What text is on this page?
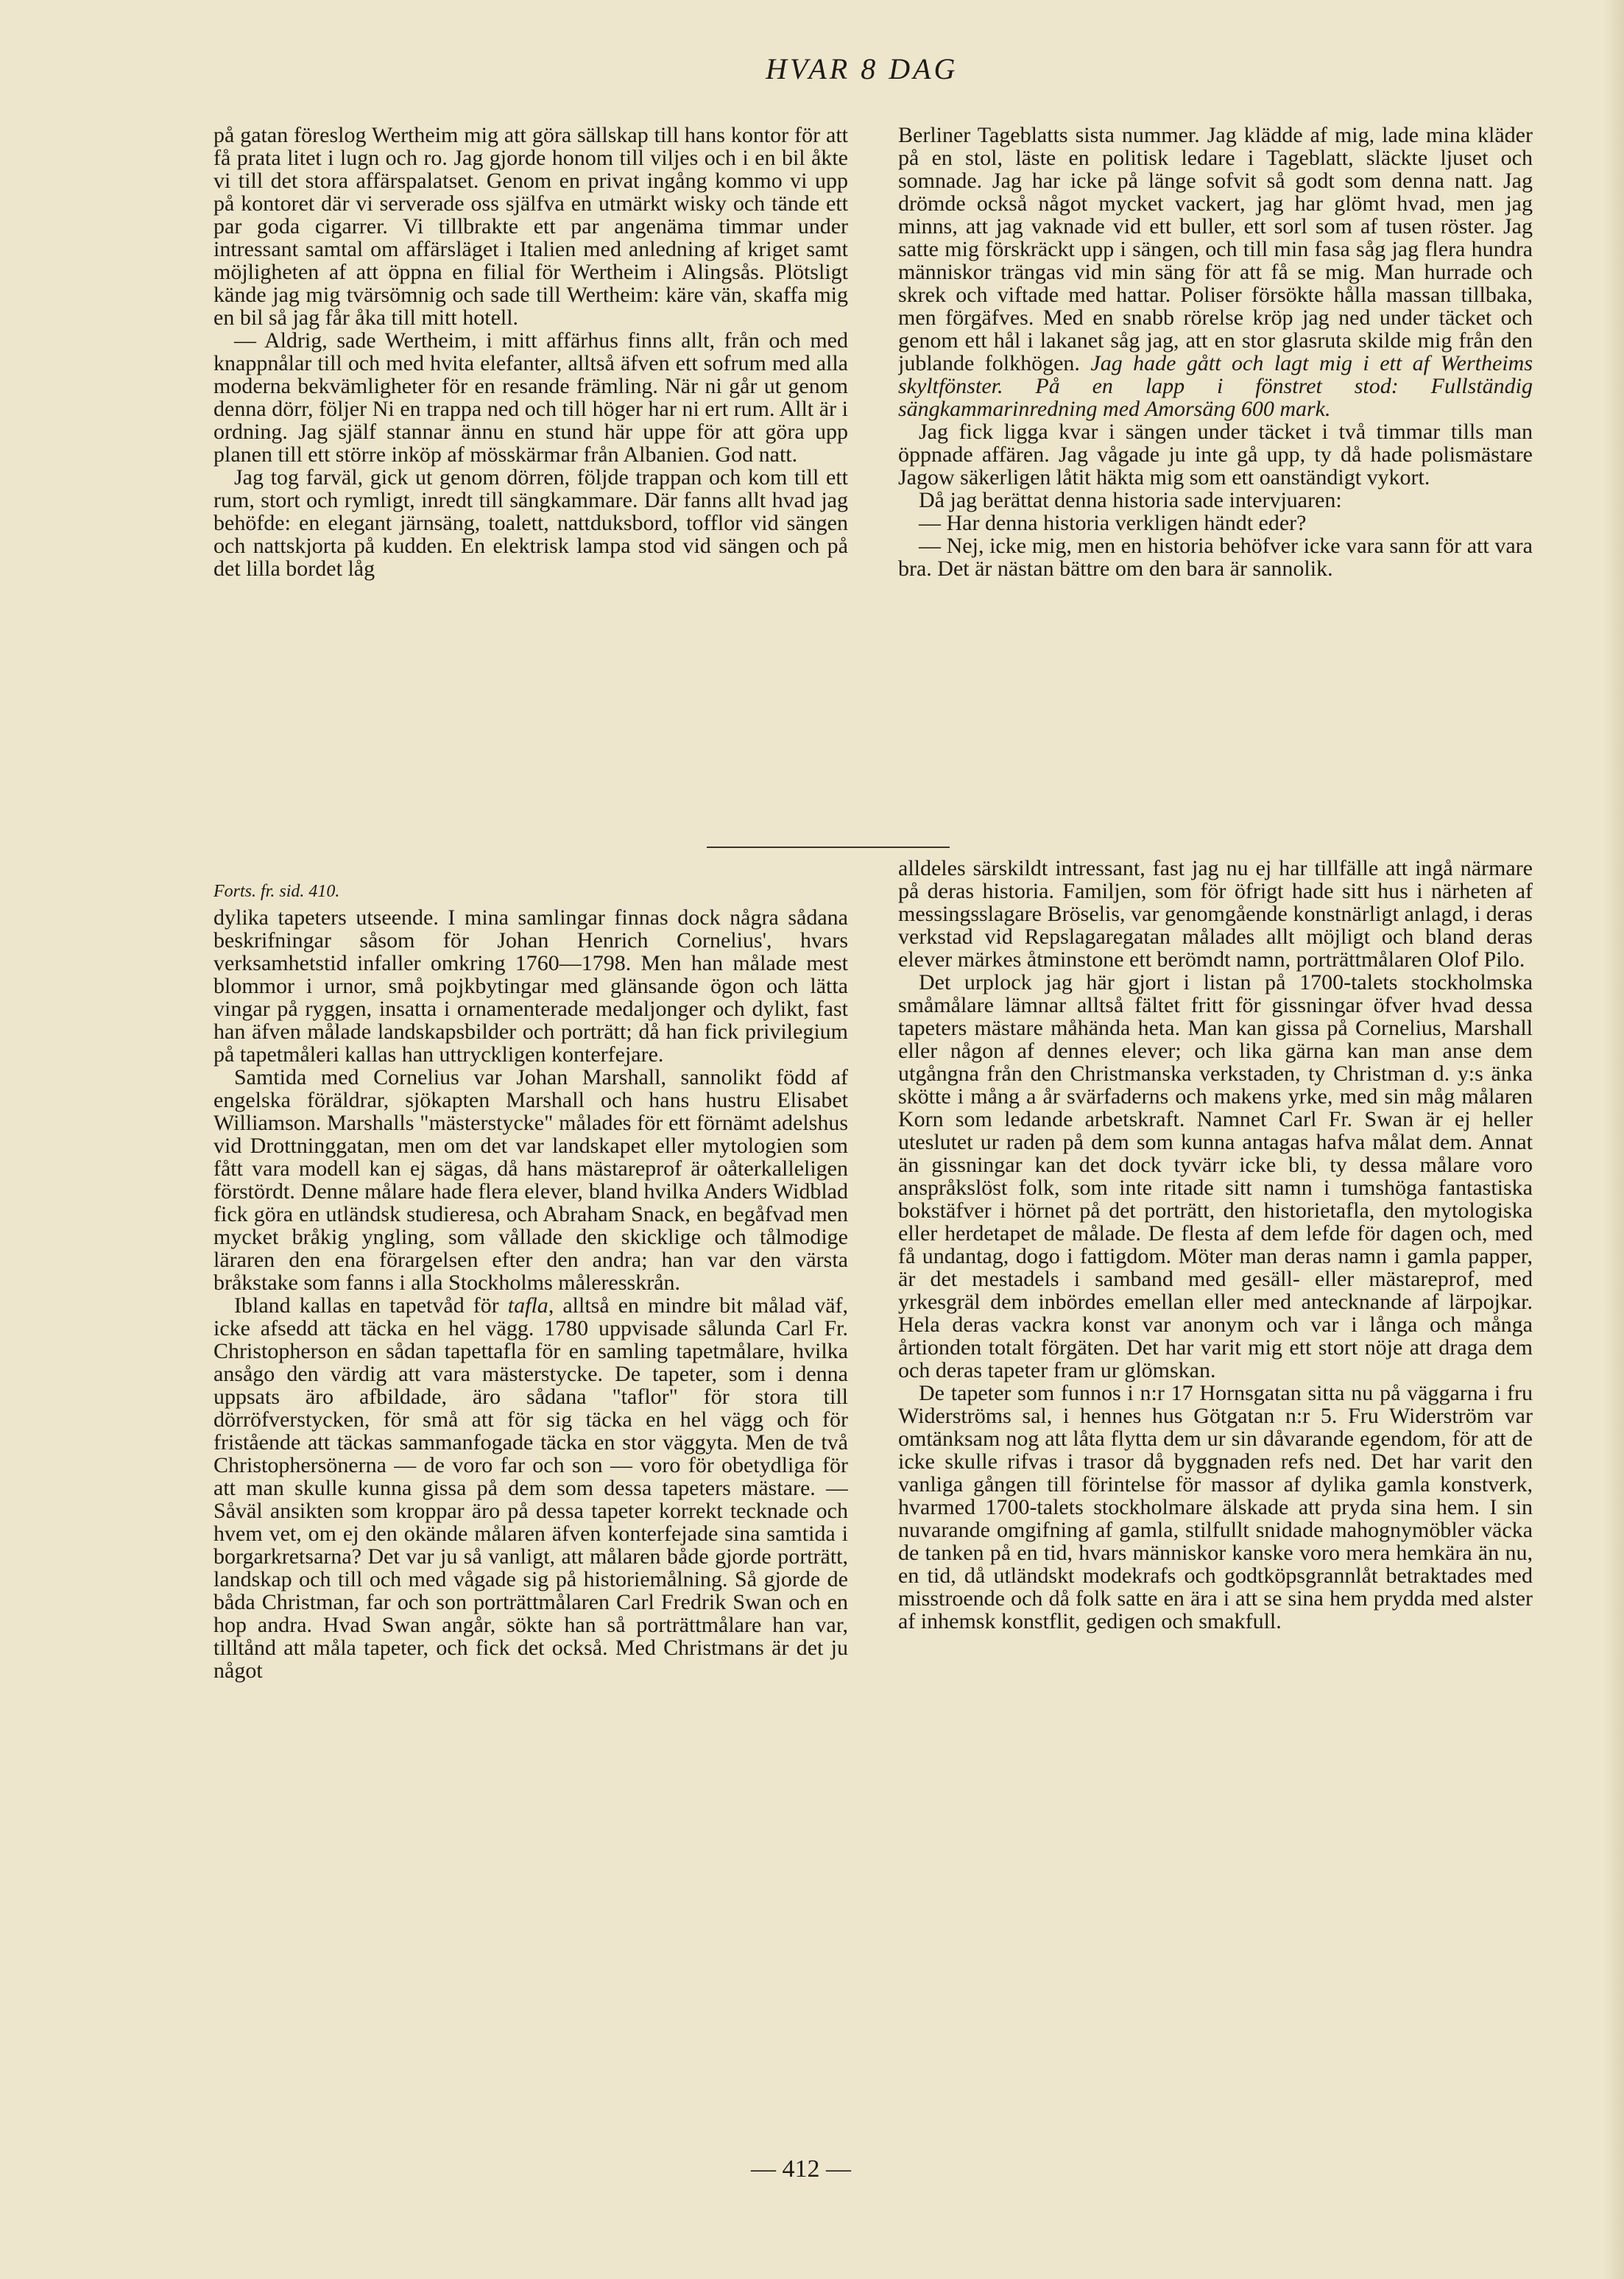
HVAR 8 DAG

på gatan föreslog Wertheim mig att göra sällskap till hans kontor för att få prata litet i lugn och ro. Jag gjorde honom till viljes och i en bil åkte vi till det stora affärspalatset. Genom en privat ingång kommo vi upp på kontoret där vi serverade oss själfva en utmärkt wisky och tände ett par goda cigarrer. Vi tillbrakte ett par angenäma timmar under intressant samtal om affärsläget i Italien med anledning af kriget samt möjligheten af att öppna en filial för Wertheim i Alingsås. Plötsligt kände jag mig tvärsömnig och sade till Wertheim: käre vän, skaffa mig en bil så jag får åka till mitt hotell.

— Aldrig, sade Wertheim, i mitt affärhus finns allt, från och med knappnålar till och med hvita elefanter, alltså äfven ett sofrum med alla moderna bekvämligheter för en resande främling. När ni går ut genom denna dörr, följer Ni en trappa ned och till höger har ni ert rum. Allt är i ordning. Jag själf stannar ännu en stund här uppe för att göra upp planen till ett större inköp af mösskärmar från Albanien. God natt.

Jag tog farväl, gick ut genom dörren, följde trappan och kom till ett rum, stort och rymligt, inredt till sängkammare. Där fanns allt hvad jag behöfde: en elegant järnsäng, toalett, nattduksbord, tofflor vid sängen och nattskjorta på kudden. En elektrisk lampa stod vid sängen och på det lilla bordet låg

Berliner Tageblatts sista nummer. Jag klädde af mig, lade mina kläder på en stol, läste en politisk ledare i Tageblatt, släckte ljuset och somnade. Jag har icke på länge sofvit så godt som denna natt. Jag drömde också något mycket vackert, jag har glömt hvad, men jag minns, att jag vaknade vid ett buller, ett sorl som af tusen röster. Jag satte mig förskräckt upp i sängen, och till min fasa såg jag flera hundra människor trängas vid min säng för att få se mig. Man hurrade och skrek och viftade med hattar. Poliser försökte hålla massan tillbaka, men förgäfves. Med en snabb rörelse kröp jag ned under täcket och genom ett hål i lakanet såg jag, att en stor glasruta skilde mig från den jublande folkhögen. Jag hade gått och lagt mig i ett af Wertheims skyltfönster. På en lapp i fönstret stod: Fullständig sängkammarinredning med Amorsäng 600 mark.

Jag fick ligga kvar i sängen under täcket i två timmar tills man öppnade affären. Jag vågade ju inte gå upp, ty då hade polismästare Jagow säkerligen låtit häkta mig som ett oanständigt vykort.

Då jag berättat denna historia sade intervjuaren:

— Har denna historia verkligen händt eder?

— Nej, icke mig, men en historia behöfver icke vara sann för att vara bra. Det är nästan bättre om den bara är sannolik.

Forts. fr. sid. 410.

dylika tapeters utseende. I mina samlingar finnas dock några sådana beskrifningar såsom för Johan Henrich Cornelius', hvars verksamhetstid infaller omkring 1760—1798. Men han målade mest blommor i urnor, små pojkbytingar med glänsande ögon och lätta vingar på ryggen, insatta i ornamenterade medaljonger och dylikt, fast han äfven målade landskapsbilder och porträtt; då han fick privilegium på tapetmåleri kallas han uttryckligen konterfejare.

Samtida med Cornelius var Johan Marshall, sannolikt född af engelska föräldrar, sjökapten Marshall och hans hustru Elisabet Williamson. Marshalls "mästerstycke" målades för ett förnämt adelshus vid Drottninggatan, men om det var landskapet eller mytologien som fått vara modell kan ej sägas, då hans mästareprof är oåterkalleligen förstördt. Denne målare hade flera elever, bland hvilka Anders Widblad fick göra en utländsk studieresa, och Abraham Snack, en begåfvad men mycket bråkig yngling, som vållade den skicklige och tålmodige läraren den ena förargelsen efter den andra; han var den värsta bråkstake som fanns i alla Stockholms måleresskrån.

Ibland kallas en tapetvåd för tafla, alltså en mindre bit målad väf, icke afsedd att täcka en hel vägg. 1780 uppvisade sålunda Carl Fr. Christopherson en sådan tapettafla för en samling tapetmålare, hvilka ansågo den värdig att vara mästerstycke. De tapeter, som i denna uppsats äro afbildade, äro sådana "taflor" för stora till dörröfverstycken, för små att för sig täcka en hel vägg och för fristående att täckas sammanfogade täcka en stor väggyta. Men de två Christophersönerna — de voro far och son — voro för obetydliga för att man skulle kunna gissa på dem som dessa tapeters mästare. — Såväl ansikten som kroppar äro på dessa tapeter korrekt tecknade och hvem vet, om ej den okände målaren äfven konterfejade sina samtida i borgarkretsarna? Det var ju så vanligt, att målaren både gjorde porträtt, landskap och till och med vågade sig på historiemålning. Så gjorde de båda Christman, far och son porträttmålaren Carl Fredrik Swan och en hop andra. Hvad Swan angår, sökte han så porträttmålare han var, tilltånd att måla tapeter, och fick det också. Med Christmans är det ju något

alldeles särskildt intressant, fast jag nu ej har tillfälle att ingå närmare på deras historia. Familjen, som för öfrigt hade sitt hus i närheten af messingsslagare Bröselis, var genomgående konstnärligt anlagd, i deras verkstad vid Repslagaregatan målades allt möjligt och bland deras elever märkes åtminstone ett berömdt namn, porträttmålaren Olof Pilo.

Det urplock jag här gjort i listan på 1700-talets stockholmska småmålare lämnar alltså fältet fritt för gissningar öfver hvad dessa tapeters mästare måhända heta. Man kan gissa på Cornelius, Marshall eller någon af dennes elever; och lika gärna kan man anse dem utgångna från den Christmanska verkstaden, ty Christman d. y:s änka skötte i mång a år svärfaderns och makens yrke, med sin måg målaren Korn som ledande arbetskraft. Namnet Carl Fr. Swan är ej heller uteslutet ur raden på dem som kunna antagas hafva målat dem. Annat än gissningar kan det dock tyvärr icke bli, ty dessa målare voro anspråkslöst folk, som inte ritade sitt namn i tumshöga fantastiska bokstäfver i hörnet på det porträtt, den historietafla, den mytologiska eller herdetapet de målade. De flesta af dem lefde för dagen och, med få undantag, dogo i fattigdom. Möter man deras namn i gamla papper, är det mestadels i samband med gesäll- eller mästareprof, med yrkesgräl dem inbördes emellan eller med antecknande af lärpojkar. Hela deras vackra konst var anonym och var i långa och många årtionden totalt förgäten. Det har varit mig ett stort nöje att draga dem och deras tapeter fram ur glömskan.

De tapeter som funnos i n:r 17 Hornsgatan sitta nu på väggarna i fru Widerströms sal, i hennes hus Götgatan n:r 5. Fru Widerström var omtänksam nog att låta flytta dem ur sin dåvarande egendom, för att de icke skulle rifvas i trasor då byggnaden refs ned. Det har varit den vanliga gången till förintelse för massor af dylika gamla konstverk, hvarmed 1700-talets stockholmare älskade att pryda sina hem. I sin nuvarande omgifning af gamla, stilfullt snidade mahognymöbler väcka de tanken på en tid, hvars människor kanske voro mera hemkära än nu, en tid, då utländskt modekrafs och godtköpsgrannlåt betraktades med misstroende och då folk satte en ära i att se sina hem prydda med alster af inhemsk konstflit, gedigen och smakfull.

— 412 —
